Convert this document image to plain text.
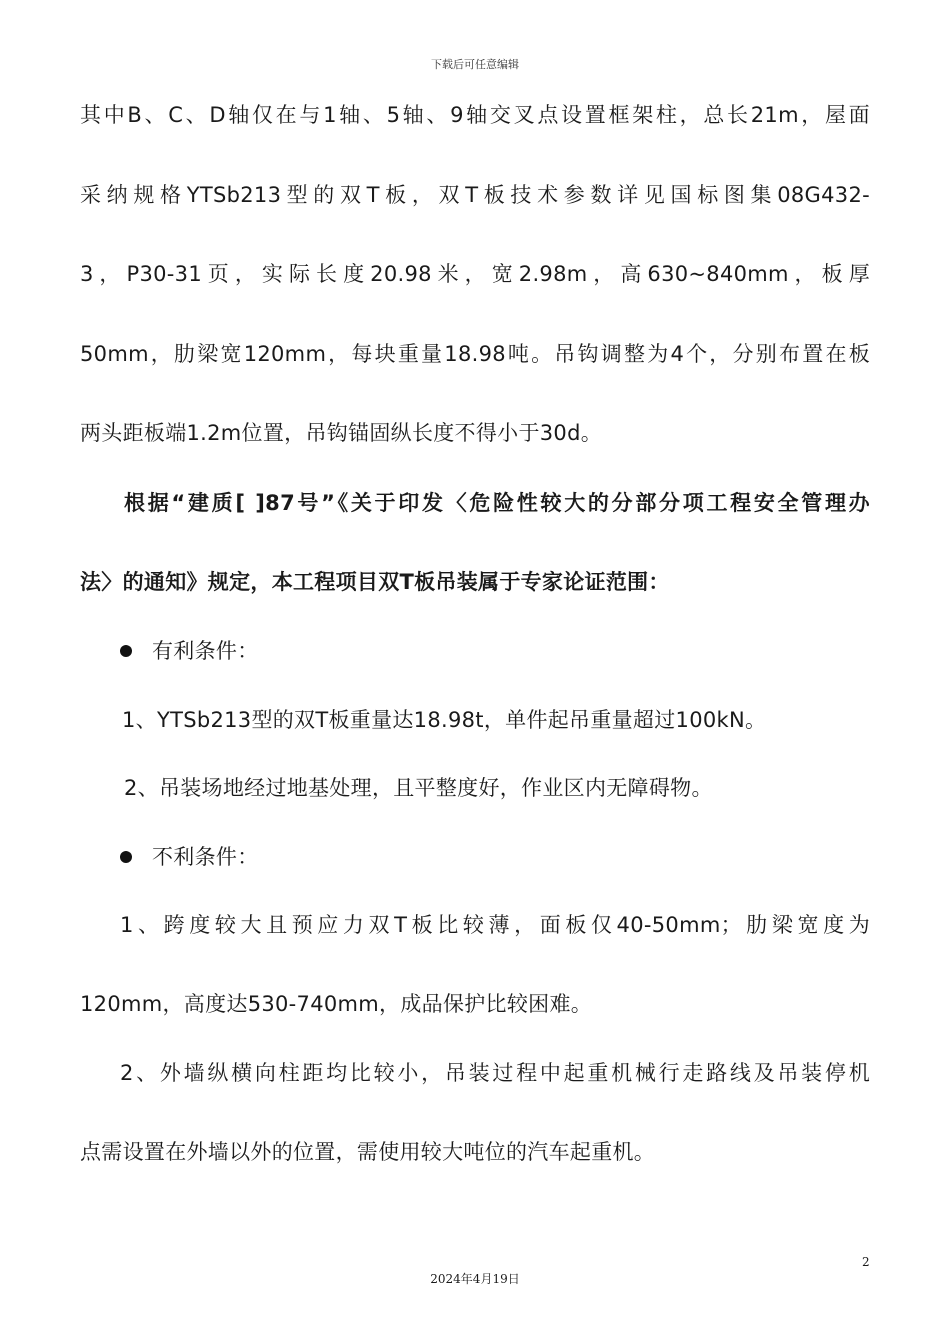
下载后可任意编辑
其中B、C、D轴仅在与1轴、5轴、9轴交叉点设置框架柱，总长21m，屋面
采纳规格YTSb213型的双T板，双T板技术参数详见国标图集08G432-
3，P30-31页，实际长度20.98米，宽2.98m，高630~840mm，板厚
50mm，肋梁宽120mm，每块重量18.98吨。吊钩调整为4个，分别布置在板
两头距板端1.2m位置，吊钩锚固纵长度不得小于30d。
根据“建质[ ]87号”《关于印发〈危险性较大的分部分项工程安全管理办
法〉的通知》规定，本工程项目双T板吊装属于专家论证范围：
有利条件：
1、YTSb213型的双T板重量达18.98t，单件起吊重量超过100kN。
2、吊装场地经过地基处理，且平整度好，作业区内无障碍物。
不利条件：
1、跨度较大且预应力双T板比较薄，面板仅40-50mm；肋梁宽度为
120mm，高度达530-740mm，成品保护比较困难。
2、外墙纵横向柱距均比较小，吊装过程中起重机械行走路线及吊装停机
点需设置在外墙以外的位置，需使用较大吨位的汽车起重机。
2
2024年4月19日
